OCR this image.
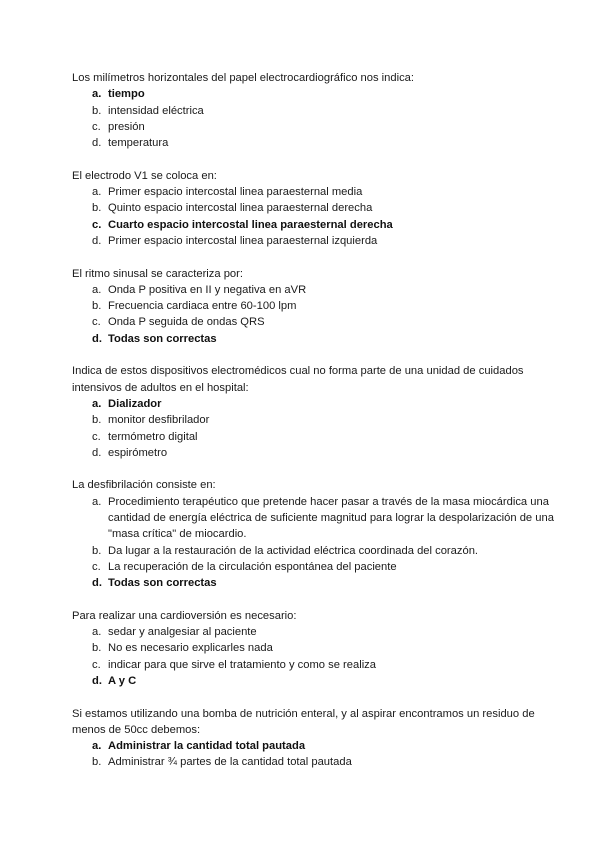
Los milímetros horizontales del papel electrocardiográfico nos indica:

a. tiempo
b. intensidad eléctrica
c. presión
d. temperatura

El electrodo V1 se coloca en:

a. Primer espacio intercostal linea paraesternal media
b. Quinto espacio intercostal linea paraesternal derecha
c. Cuarto espacio intercostal linea paraesternal derecha
d. Primer espacio intercostal linea paraesternal izquierda

El ritmo sinusal se caracteriza por:

a. Onda P positiva en II y negativa en aVR
b. Frecuencia cardiaca entre 60-100 lpm
c. Onda P seguida de ondas QRS
d. Todas son correctas

Indica de estos dispositivos electromédicos cual no forma parte de una unidad de cuidados intensivos de adultos en el hospital:

a. Dializador
b. monitor desfibrilador
c. termómetro digital
d. espirómetro

La desfibrilación consiste en:

a. Procedimiento terapéutico que pretende hacer pasar a través de la masa miocárdica una cantidad de energía eléctrica de suficiente magnitud para lograr la despolarización de una "masa crítica" de miocardio.
b. Da lugar a la restauración de la actividad eléctrica coordinada del corazón.
c. La recuperación de la circulación espontánea del paciente
d. Todas son correctas

Para realizar una cardioversión es necesario:

a. sedar y analgesiar al paciente
b. No es necesario explicarles nada
c. indicar para que sirve el tratamiento y como se realiza
d. A y C

Si estamos utilizando una bomba de nutrición enteral, y al aspirar encontramos un residuo de menos de 50cc debemos:

a. Administrar la cantidad total pautada
b. Administrar ¾ partes de la cantidad total pautada
